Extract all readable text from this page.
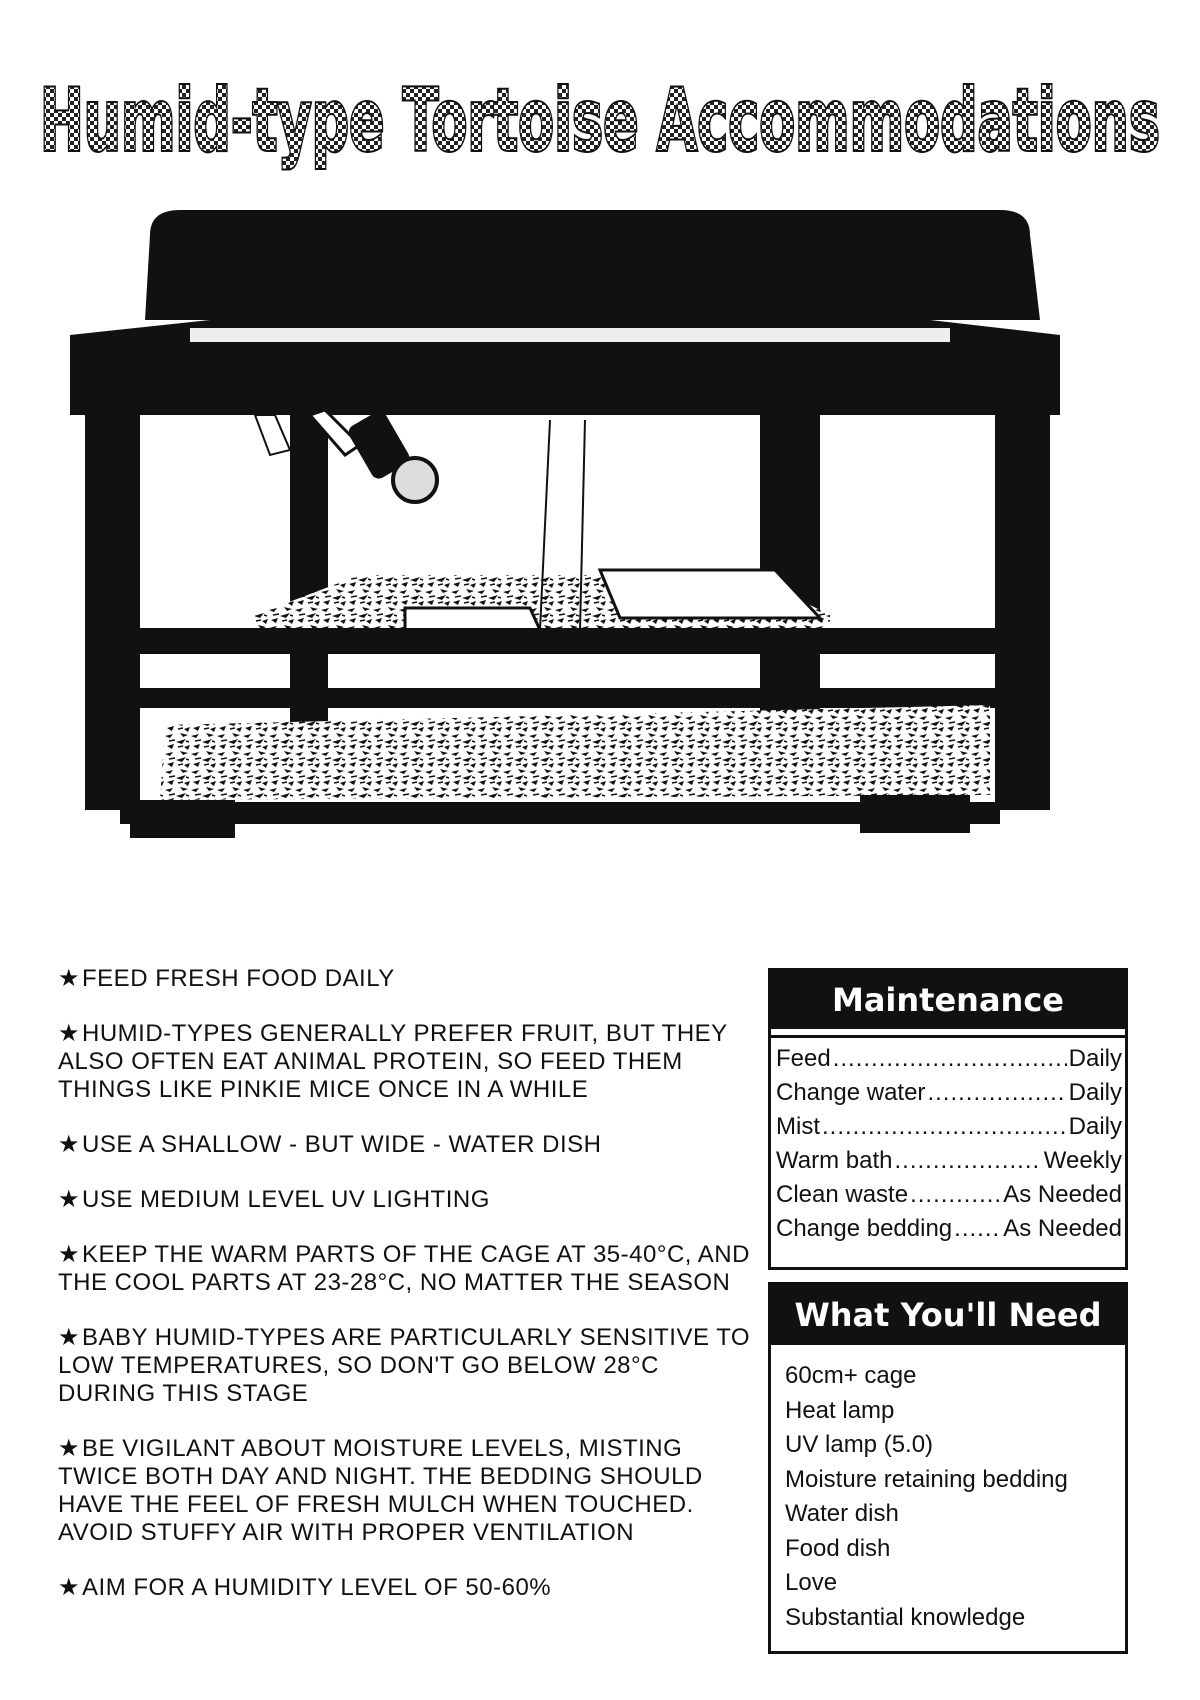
Humid-type Tortoise Accommodations

★FEED FRESH FOOD DAILY

★HUMID-TYPES GENERALLY PREFER FRUIT, BUT THEY ALSO OFTEN EAT ANIMAL PROTEIN, SO FEED THEM THINGS LIKE PINKIE MICE ONCE IN A WHILE

★USE A SHALLOW - BUT WIDE - WATER DISH

★USE MEDIUM LEVEL UV LIGHTING

★KEEP THE WARM PARTS OF THE CAGE AT 35-40°C, AND THE COOL PARTS AT 23-28°C, NO MATTER THE SEASON

★BABY HUMID-TYPES ARE PARTICULARLY SENSITIVE TO LOW TEMPERATURES, SO DON'T GO BELOW 28°C DURING THIS STAGE

★BE VIGILANT ABOUT MOISTURE LEVELS, MISTING TWICE BOTH DAY AND NIGHT. THE BEDDING SHOULD HAVE THE FEEL OF FRESH MULCH WHEN TOUCHED. AVOID STUFFY AIR WITH PROPER VENTILATION

★AIM FOR A HUMIDITY LEVEL OF 50-60%

Maintenance
Feed .....	Daily
Change water .....	Daily
Mist .....	Daily
Warm bath .....	Weekly
Clean waste .....	As Needed
Change bedding ..... As Needed
What You'll Need
60cm+ cage
Heat lamp
UV lamp (5.0)
Moisture retaining bedding
Water dish
Food dish
Love
Substantial knowledge
